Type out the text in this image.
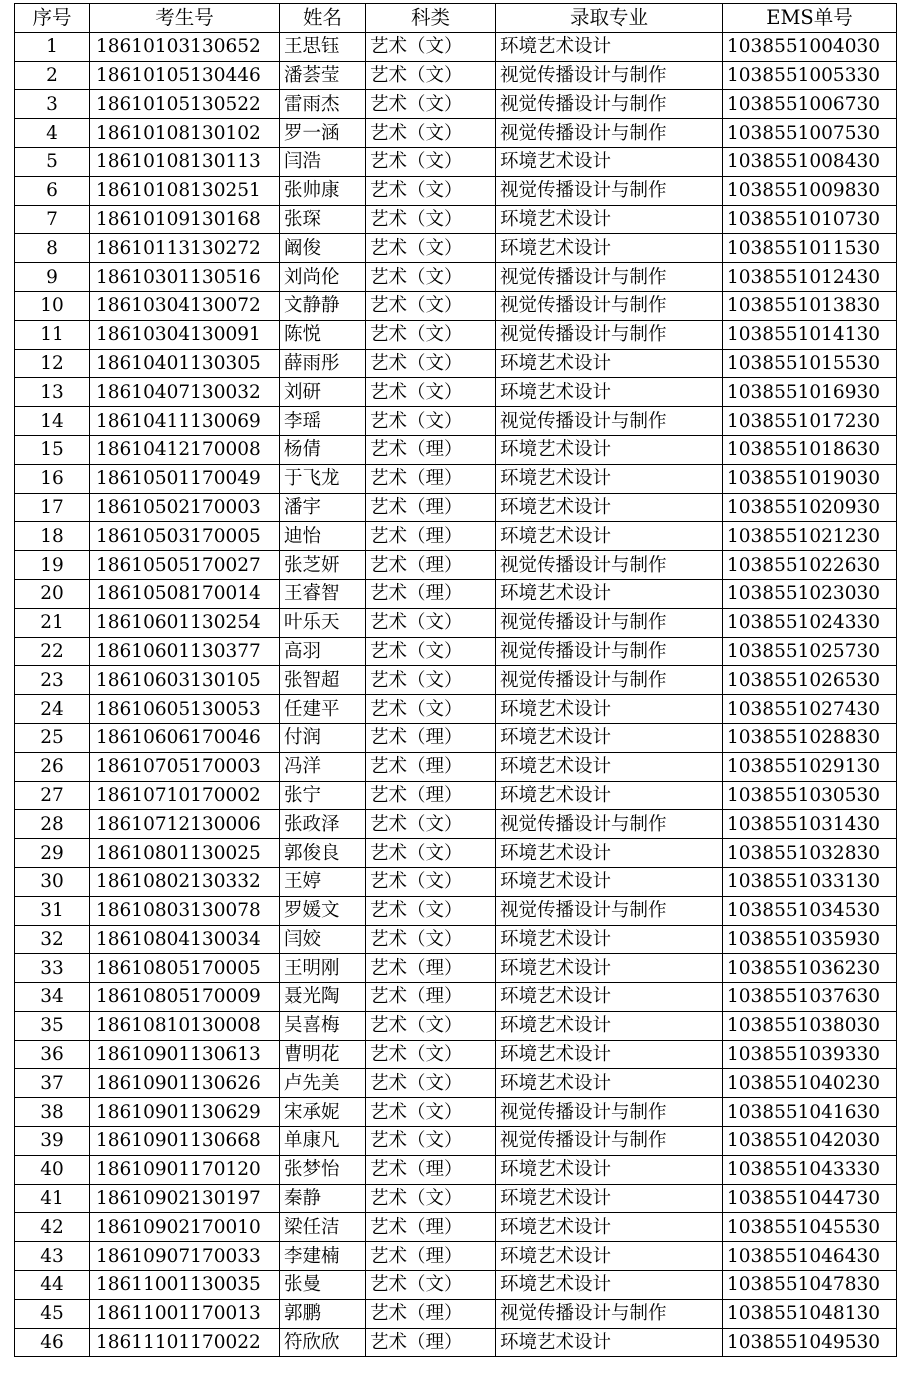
序号	考生号	姓名	科类	录取专业	EMS单号
1	18610103130652	王思钰	艺术（文）	环境艺术设计	1038551004030
2	18610105130446	潘荟莹	艺术（文）	视觉传播设计与制作	1038551005330
3	18610105130522	雷雨杰	艺术（文）	视觉传播设计与制作	1038551006730
4	18610108130102	罗一涵	艺术（文）	视觉传播设计与制作	1038551007530
5	18610108130113	闫浩	艺术（文）	环境艺术设计	1038551008430
6	18610108130251	张帅康	艺术（文）	视觉传播设计与制作	1038551009830
7	18610109130168	张琛	艺术（文）	环境艺术设计	1038551010730
8	18610113130272	阚俊	艺术（文）	环境艺术设计	1038551011530
9	18610301130516	刘尚伦	艺术（文）	视觉传播设计与制作	1038551012430
10	18610304130072	文静静	艺术（文）	视觉传播设计与制作	1038551013830
11	18610304130091	陈悦	艺术（文）	视觉传播设计与制作	1038551014130
12	18610401130305	薛雨彤	艺术（文）	环境艺术设计	1038551015530
13	18610407130032	刘研	艺术（文）	环境艺术设计	1038551016930
14	18610411130069	李瑶	艺术（文）	视觉传播设计与制作	1038551017230
15	18610412170008	杨倩	艺术（理）	环境艺术设计	1038551018630
16	18610501170049	于飞龙	艺术（理）	环境艺术设计	1038551019030
17	18610502170003	潘宇	艺术（理）	环境艺术设计	1038551020930
18	18610503170005	迪怡	艺术（理）	环境艺术设计	1038551021230
19	18610505170027	张芝妍	艺术（理）	视觉传播设计与制作	1038551022630
20	18610508170014	王睿智	艺术（理）	环境艺术设计	1038551023030
21	18610601130254	叶乐天	艺术（文）	视觉传播设计与制作	1038551024330
22	18610601130377	高羽	艺术（文）	视觉传播设计与制作	1038551025730
23	18610603130105	张智超	艺术（文）	视觉传播设计与制作	1038551026530
24	18610605130053	任建平	艺术（文）	环境艺术设计	1038551027430
25	18610606170046	付润	艺术（理）	环境艺术设计	1038551028830
26	18610705170003	冯洋	艺术（理）	环境艺术设计	1038551029130
27	18610710170002	张宁	艺术（理）	环境艺术设计	1038551030530
28	18610712130006	张政泽	艺术（文）	视觉传播设计与制作	1038551031430
29	18610801130025	郭俊良	艺术（文）	环境艺术设计	1038551032830
30	18610802130332	王婷	艺术（文）	环境艺术设计	1038551033130
31	18610803130078	罗媛文	艺术（文）	视觉传播设计与制作	1038551034530
32	18610804130034	闫姣	艺术（文）	环境艺术设计	1038551035930
33	18610805170005	王明刚	艺术（理）	环境艺术设计	1038551036230
34	18610805170009	聂光陶	艺术（理）	环境艺术设计	1038551037630
35	18610810130008	吴喜梅	艺术（文）	环境艺术设计	1038551038030
36	18610901130613	曹明花	艺术（文）	环境艺术设计	1038551039330
37	18610901130626	卢先美	艺术（文）	环境艺术设计	1038551040230
38	18610901130629	宋承妮	艺术（文）	视觉传播设计与制作	1038551041630
39	18610901130668	单康凡	艺术（文）	视觉传播设计与制作	1038551042030
40	18610901170120	张梦怡	艺术（理）	环境艺术设计	1038551043330
41	18610902130197	秦静	艺术（文）	环境艺术设计	1038551044730
42	18610902170010	梁任洁	艺术（理）	环境艺术设计	1038551045530
43	18610907170033	李建楠	艺术（理）	环境艺术设计	1038551046430
44	18611001130035	张曼	艺术（文）	环境艺术设计	1038551047830
45	18611001170013	郭鹏	艺术（理）	视觉传播设计与制作	1038551048130
46	18611101170022	符欣欣	艺术（理）	环境艺术设计	1038551049530
